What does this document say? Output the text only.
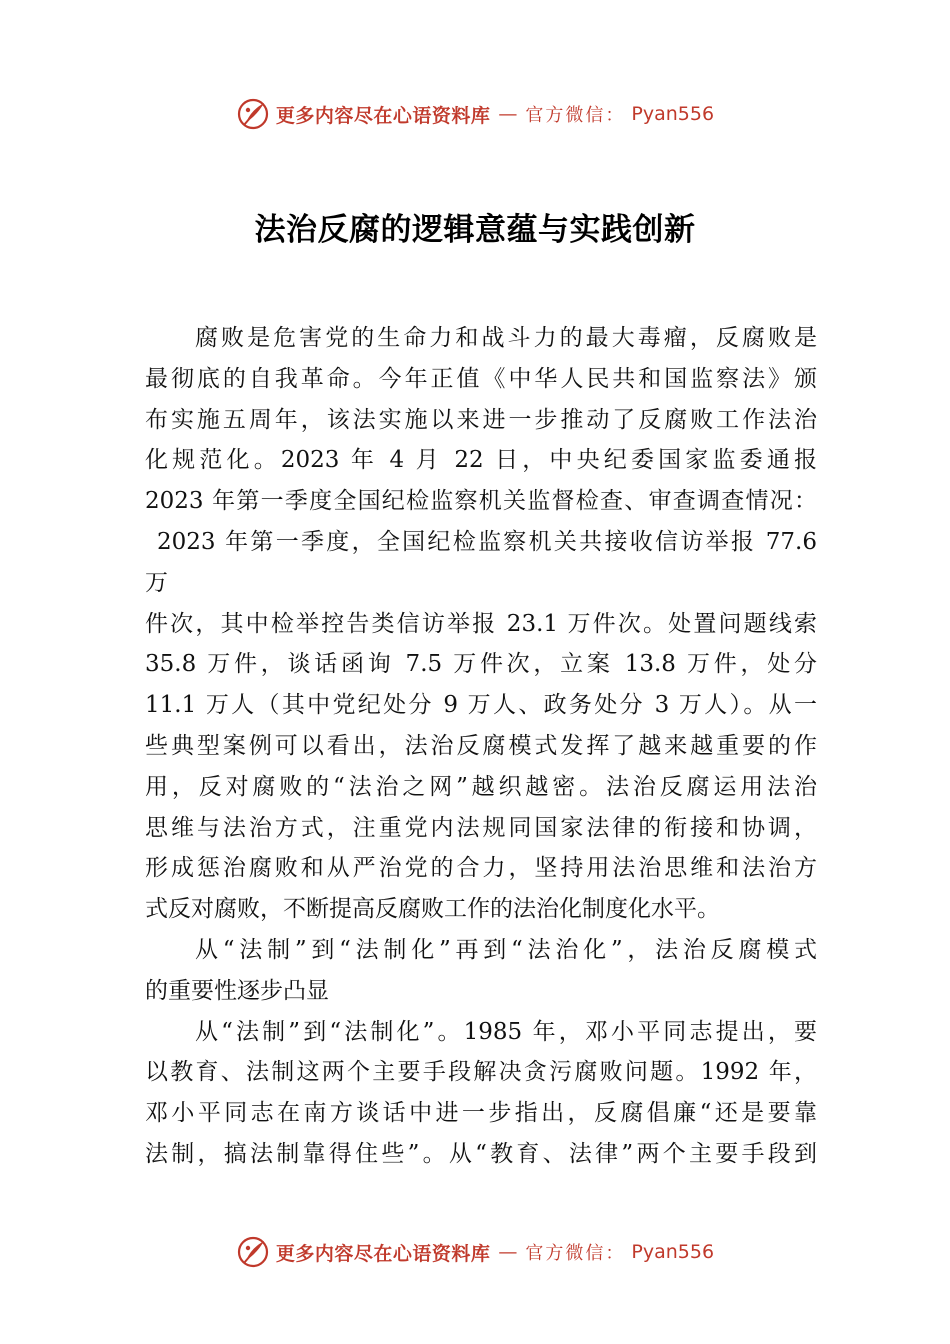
更多内容尽在心语资料库 — 官方微信： Pyan556
法治反腐的逻辑意蕴与实践创新
腐败是危害党的生命力和战斗力的最大毒瘤，反腐败是
最彻底的自我革命。今年正值《中华人民共和国监察法》颁
布实施五周年，该法实施以来进一步推动了反腐败工作法治
化规范化。2023 年 4 月 22 日，中央纪委国家监委通报
2023 年第一季度全国纪检监察机关监督检查、审查调查情况：
2023 年第一季度，全国纪检监察机关共接收信访举报 77.6
万
件次，其中检举控告类信访举报 23.1 万件次。处置问题线索
35.8 万件，谈话函询 7.5 万件次，立案 13.8 万件，处分
11.1 万人（其中党纪处分 9 万人、政务处分 3 万人）。从一
些典型案例可以看出，法治反腐模式发挥了越来越重要的作
用，反对腐败的“法治之网”越织越密。法治反腐运用法治
思维与法治方式，注重党内法规同国家法律的衔接和协调，
形成惩治腐败和从严治党的合力，坚持用法治思维和法治方
式反对腐败，不断提高反腐败工作的法治化制度化水平。
从“法制”到“法制化”再到“法治化”，法治反腐模式
的重要性逐步凸显
从“法制”到“法制化”。1985 年，邓小平同志提出，要
以教育、法制这两个主要手段解决贪污腐败问题。1992 年，
邓小平同志在南方谈话中进一步指出，反腐倡廉“还是要靠
法制，搞法制靠得住些”。从“教育、法律”两个主要手段到
更多内容尽在心语资料库 — 官方微信： Pyan556
